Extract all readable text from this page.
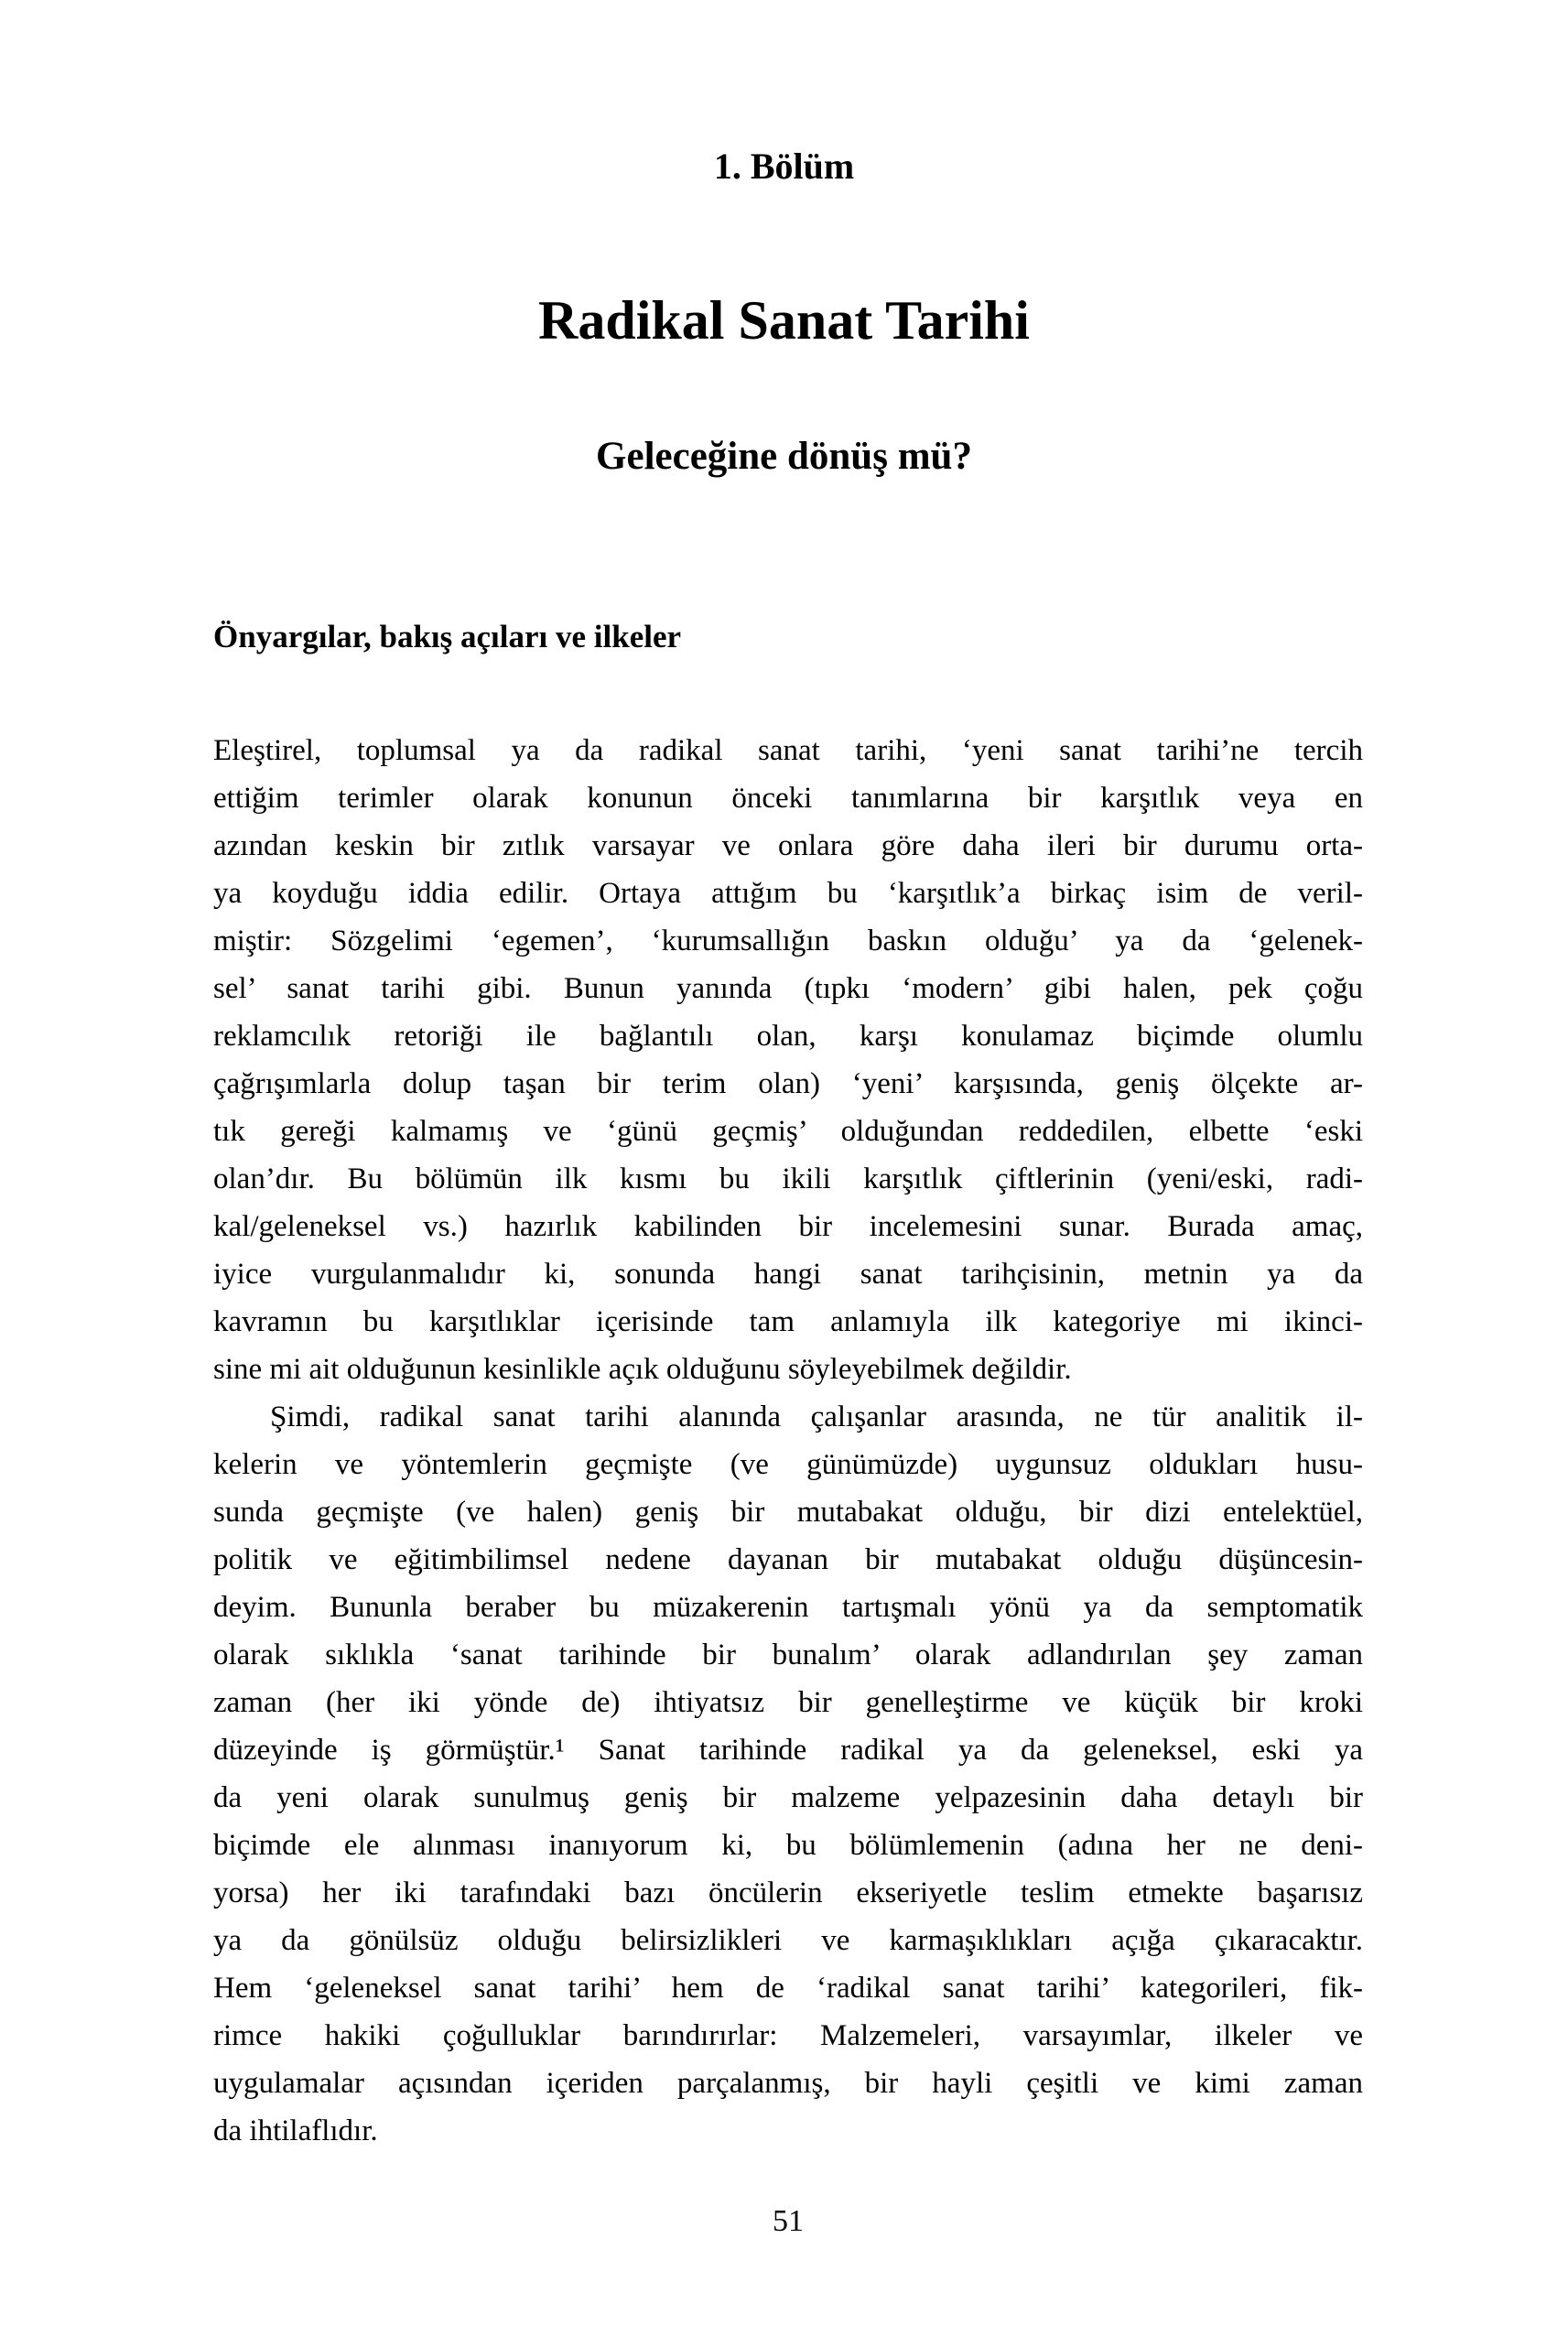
1. Bölüm
Radikal Sanat Tarihi
Geleceğine dönüş mü?
Önyargılar, bakış açıları ve ilkeler
Eleştirel, toplumsal ya da radikal sanat tarihi, ‘yeni sanat tarihi’ne tercih
ettiğim terimler olarak konunun önceki tanımlarına bir karşıtlık veya en
azından keskin bir zıtlık varsayar ve onlara göre daha ileri bir durumu orta-
ya koyduğu iddia edilir. Ortaya attığım bu ‘karşıtlık’a birkaç isim de veril-
miştir: Sözgelimi ‘egemen’, ‘kurumsallığın baskın olduğu’ ya da ‘gelenek-
sel’ sanat tarihi gibi. Bunun yanında (tıpkı ‘modern’ gibi halen, pek çoğu
reklamcılık retoriği ile bağlantılı olan, karşı konulamaz biçimde olumlu
çağrışımlarla dolup taşan bir terim olan) ‘yeni’ karşısında, geniş ölçekte ar-
tık gereği kalmamış ve ‘günü geçmiş’ olduğundan reddedilen, elbette ‘eski
olan’dır. Bu bölümün ilk kısmı bu ikili karşıtlık çiftlerinin (yeni/eski, radi-
kal/geleneksel vs.) hazırlık kabilinden bir incelemesini sunar. Burada amaç,
iyice vurgulanmalıdır ki, sonunda hangi sanat tarihçisinin, metnin ya da
kavramın bu karşıtlıklar içerisinde tam anlamıyla ilk kategoriye mi ikinci-
sine mi ait olduğunun kesinlikle açık olduğunu söyleyebilmek değildir.
Şimdi, radikal sanat tarihi alanında çalışanlar arasında, ne tür analitik il-
kelerin ve yöntemlerin geçmişte (ve günümüzde) uygunsuz oldukları husu-
sunda geçmişte (ve halen) geniş bir mutabakat olduğu, bir dizi entelektüel,
politik ve eğitimbilimsel nedene dayanan bir mutabakat olduğu düşüncesin-
deyim. Bununla beraber bu müzakerenin tartışmalı yönü ya da semptomatik
olarak sıklıkla ‘sanat tarihinde bir bunalım’ olarak adlandırılan şey zaman
zaman (her iki yönde de) ihtiyatsız bir genelleştirme ve küçük bir kroki
düzeyinde iş görmüştür.¹ Sanat tarihinde radikal ya da geleneksel, eski ya
da yeni olarak sunulmuş geniş bir malzeme yelpazesinin daha detaylı bir
biçimde ele alınması inanıyorum ki, bu bölümlemenin (adına her ne deni-
yorsa) her iki tarafındaki bazı öncülerin ekseriyetle teslim etmekte başarısız
ya da gönülsüz olduğu belirsizlikleri ve karmaşıklıkları açığa çıkaracaktır.
Hem ‘geleneksel sanat tarihi’ hem de ‘radikal sanat tarihi’ kategorileri, fik-
rimce hakiki çoğulluklar barındırırlar: Malzemeleri, varsayımlar, ilkeler ve
uygulamalar açısından içeriden parçalanmış, bir hayli çeşitli ve kimi zaman
da ihtilaflıdır.
51
